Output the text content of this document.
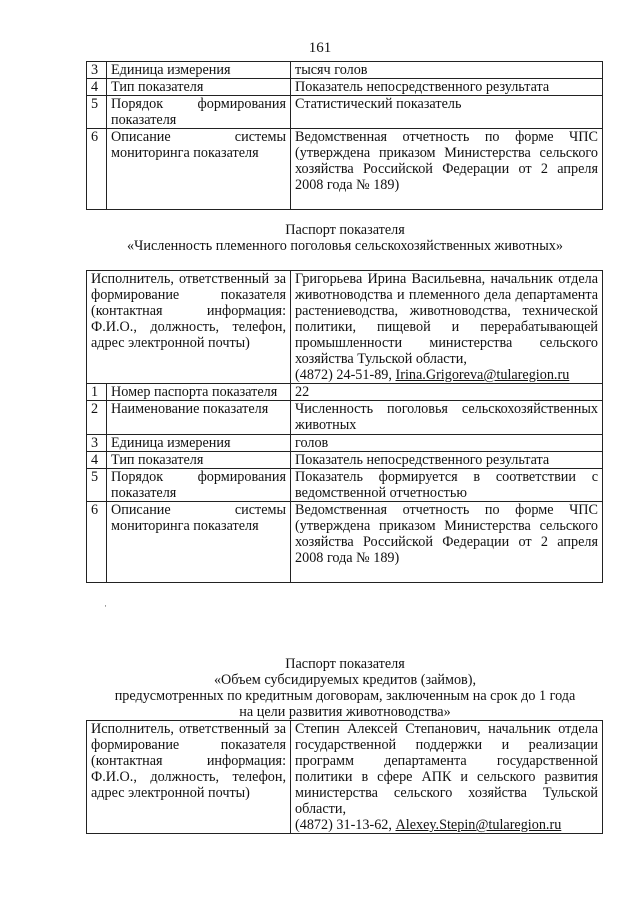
161
3	Единица измерения	тысяч голов
4	Тип показателя	Показатель непосредственного результата
5	Порядок формирования показателя	Статистический показатель
6	Описание системы мониторинга показателя	Ведомственная отчетность по форме ЧПС (утверждена приказом Министерства сельского хозяйства Российской Федерации от 2 апреля 2008 года № 189)
Паспорт показателя
«Численность племенного поголовья сельскохозяйственных животных»
Исполнитель, ответственный за формирование показателя (контактная информация: Ф.И.О., должность, телефон, адрес электронной почты)		Григорьева Ирина Васильевна, начальник отдела животноводства и племенного дела департамента растениеводства, животноводства, технической политики, пищевой и перерабатывающей промышленности министерства сельского хозяйства Тульской области,
(4872) 24-51-89, Irina.Grigoreva@tularegion.ru
1	Номер паспорта показателя	22
2	Наименование показателя	Численность поголовья сельскохозяйственных животных
3	Единица измерения	голов
4	Тип показателя	Показатель непосредственного результата
5	Порядок формирования показателя	Показатель формируется в соответствии с ведомственной отчетностью
6	Описание системы мониторинга показателя	Ведомственная отчетность по форме ЧПС (утверждена приказом Министерства сельского хозяйства Российской Федерации от 2 апреля 2008 года № 189)
·
Паспорт показателя
«Объем субсидируемых кредитов (займов),
предусмотренных по кредитным договорам, заключенным на срок до 1 года
на цели развития животноводства»
Исполнитель, ответственный за формирование показателя (контактная информация: Ф.И.О., должность, телефон, адрес электронной почты)	Степин Алексей Степанович, начальник отдела государственной поддержки и реализации программ департамента государственной политики в сфере АПК и сельского развития министерства сельского хозяйства Тульской области,
(4872) 31-13-62, Alexey.Stepin@tularegion.ru
